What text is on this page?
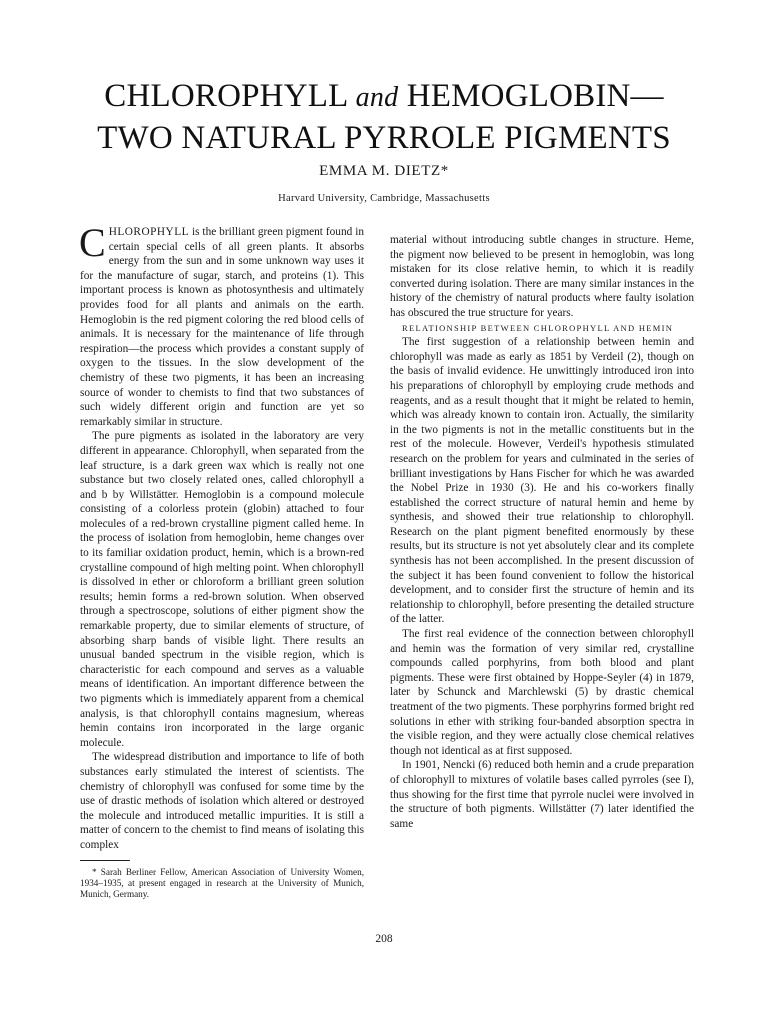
CHLOROPHYLL and HEMOGLOBIN—
TWO NATURAL PYRROLE PIGMENTS
EMMA M. DIETZ*
Harvard University, Cambridge, Massachusetts

CHLOROPHYLL is the brilliant green pigment found in certain special cells of all green plants. It absorbs energy from the sun and in some unknown way uses it for the manufacture of sugar, starch, and proteins (1). This important process is known as photosynthesis and ultimately provides food for all plants and animals on the earth. Hemoglobin is the red pigment coloring the red blood cells of animals. It is necessary for the maintenance of life through respiration—the process which provides a constant supply of oxygen to the tissues. In the slow development of the chemistry of these two pigments, it has been an increasing source of wonder to chemists to find that two substances of such widely different origin and function are yet so remarkably similar in structure.

The pure pigments as isolated in the laboratory are very different in appearance. Chlorophyll, when separated from the leaf structure, is a dark green wax which is really not one substance but two closely related ones, called chlorophyll a and b by Willstätter. Hemoglobin is a compound molecule consisting of a colorless protein (globin) attached to four molecules of a red-brown crystalline pigment called heme. In the process of isolation from hemoglobin, heme changes over to its familiar oxidation product, hemin, which is a brown-red crystalline compound of high melting point. When chlorophyll is dissolved in ether or chloroform a brilliant green solution results; hemin forms a red-brown solution. When observed through a spectroscope, solutions of either pigment show the remarkable property, due to similar elements of structure, of absorbing sharp bands of visible light. There results an unusual banded spectrum in the visible region, which is characteristic for each compound and serves as a valuable means of identification. An important difference between the two pigments which is immediately apparent from a chemical analysis, is that chlorophyll contains magnesium, whereas hemin contains iron incorporated in the large organic molecule.

The widespread distribution and importance to life of both substances early stimulated the interest of scientists. The chemistry of chlorophyll was confused for some time by the use of drastic methods of isolation which altered or destroyed the molecule and introduced metallic impurities. It is still a matter of concern to the chemist to find means of isolating this complex

* Sarah Berliner Fellow, American Association of University Women, 1934–1935, at present engaged in research at the University of Munich, Munich, Germany.

material without introducing subtle changes in structure. Heme, the pigment now believed to be present in hemoglobin, was long mistaken for its close relative hemin, to which it is readily converted during isolation. There are many similar instances in the history of the chemistry of natural products where faulty isolation has obscured the true structure for years.

RELATIONSHIP BETWEEN CHLOROPHYLL AND HEMIN

The first suggestion of a relationship between hemin and chlorophyll was made as early as 1851 by Verdeil (2), though on the basis of invalid evidence. He unwittingly introduced iron into his preparations of chlorophyll by employing crude methods and reagents, and as a result thought that it might be related to hemin, which was already known to contain iron. Actually, the similarity in the two pigments is not in the metallic constituents but in the rest of the molecule. However, Verdeil's hypothesis stimulated research on the problem for years and culminated in the series of brilliant investigations by Hans Fischer for which he was awarded the Nobel Prize in 1930 (3). He and his co-workers finally established the correct structure of natural hemin and heme by synthesis, and showed their true relationship to chlorophyll. Research on the plant pigment benefited enormously by these results, but its structure is not yet absolutely clear and its complete synthesis has not been accomplished. In the present discussion of the subject it has been found convenient to follow the historical development, and to consider first the structure of hemin and its relationship to chlorophyll, before presenting the detailed structure of the latter.

The first real evidence of the connection between chlorophyll and hemin was the formation of very similar red, crystalline compounds called porphyrins, from both blood and plant pigments. These were first obtained by Hoppe-Seyler (4) in 1879, later by Schunck and Marchlewski (5) by drastic chemical treatment of the two pigments. These porphyrins formed bright red solutions in ether with striking four-banded absorption spectra in the visible region, and they were actually close chemical relatives though not identical as at first supposed.

In 1901, Nencki (6) reduced both hemin and a crude preparation of chlorophyll to mixtures of volatile bases called pyrroles (see I), thus showing for the first time that pyrrole nuclei were involved in the structure of both pigments. Willstätter (7) later identified the same

208
